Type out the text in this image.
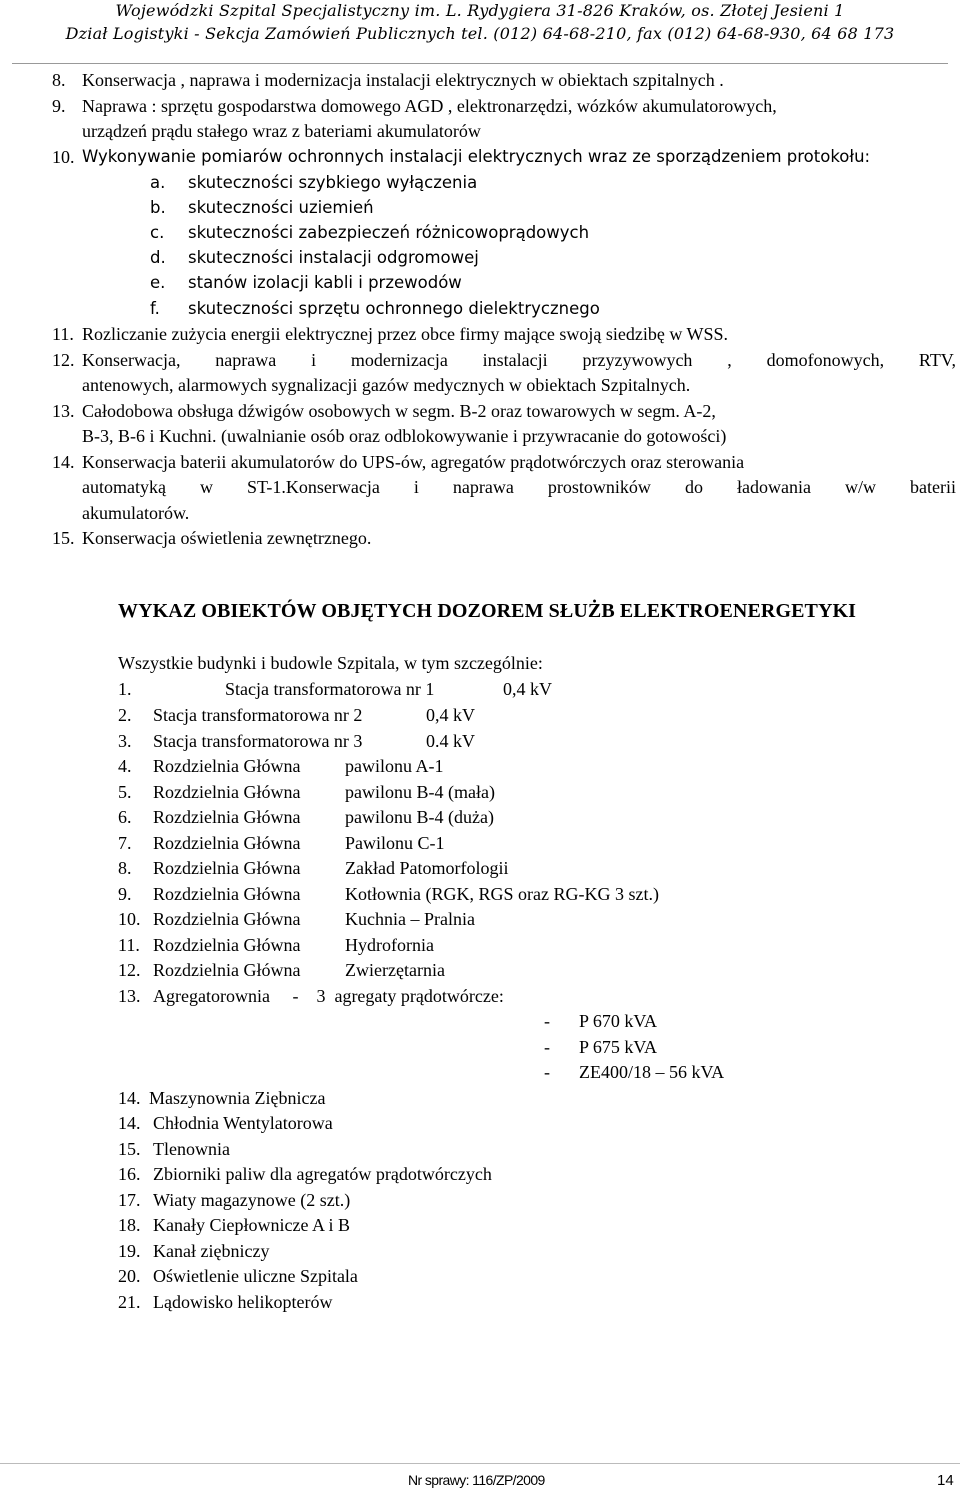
Wojewódzki Szpital Specjalistyczny im. L. Rydygiera 31-826 Kraków, os. Złotej Jesieni 1
Dział Logistyki - Sekcja Zamówień Publicznych tel. (012) 64-68-210, fax (012) 64-68-930, 64 68 173
8. Konserwacja , naprawa i modernizacja instalacji elektrycznych w obiektach szpitalnych .
9. Naprawa : sprzętu gospodarstwa domowego AGD , elektronarzędzi, wózków akumulatorowych,
urządzeń prądu stałego wraz z bateriami akumulatorów
10. Wykonywanie pomiarów ochronnych instalacji elektrycznych wraz ze sporządzeniem protokołu:
a. skuteczności szybkiego wyłączenia
b. skuteczności uziemień
c. skuteczności zabezpieczeń różnicowoprądowych
d. skuteczności instalacji odgromowej
e. stanów izolacji kabli i przewodów
f. skuteczności sprzętu ochronnego dielektrycznego
11. Rozliczanie zużycia energii elektrycznej przez obce firmy mające swoją siedzibę w WSS.
12. Konserwacja, naprawa i modernizacja instalacji przyzywowych , domofonowych, RTV,
antenowych, alarmowych sygnalizacji gazów medycznych w obiektach Szpitalnych.
13. Całodobowa obsługa dźwigów osobowych w segm. B-2 oraz towarowych w segm. A-2,
B-3, B-6 i Kuchni. (uwalnianie osób oraz odblokowywanie i przywracanie do gotowości)
14. Konserwacja baterii akumulatorów do UPS-ów, agregatów prądotwórczych oraz sterowania
automatyką w ST-1.Konserwacja i naprawa prostowników do ładowania w/w baterii
akumulatorów.
15. Konserwacja oświetlenia zewnętrznego.
WYKAZ OBIEKTÓW OBJĘTYCH DOZOREM SŁUŻB ELEKTROENERGETYKI
Wszystkie budynki i budowle Szpitala, w tym szczególnie:
1.	Stacja transformatorowa nr 1	0,4 kV
2. Stacja transformatorowa nr 2	0,4 kV
3. Stacja transformatorowa nr 3	0.4 kV
4. Rozdzielnia Główna pawilonu A-1
5. Rozdzielnia Główna pawilonu B-4 (mała)
6. Rozdzielnia Główna pawilonu B-4 (duża)
7. Rozdzielnia Główna Pawilonu C-1
8. Rozdzielnia Główna Zakład Patomorfologii
9. Rozdzielnia Główna Kotłownia (RGK, RGS oraz RG-KG 3 szt.)
10. Rozdzielnia Główna Kuchnia – Pralnia
11. Rozdzielnia Główna Hydrofornia
12. Rozdzielnia Główna Zwierzętarnia
13. Agregatorownia     -    3  agregaty prądotwórcze:
- P 670 kVA
- P 675 kVA
- ZE400/18 – 56 kVA
14. Maszynownia Ziębnicza
14. Chłodnia Wentylatorowa
15. Tlenownia
16. Zbiorniki paliw dla agregatów prądotwórczych
17. Wiaty magazynowe (2 szt.)
18. Kanały Ciepłownicze A i B
19. Kanał ziębniczy
20. Oświetlenie uliczne Szpitala
21. Lądowisko helikopterów
Nr sprawy: 116/ZP/2009	14
